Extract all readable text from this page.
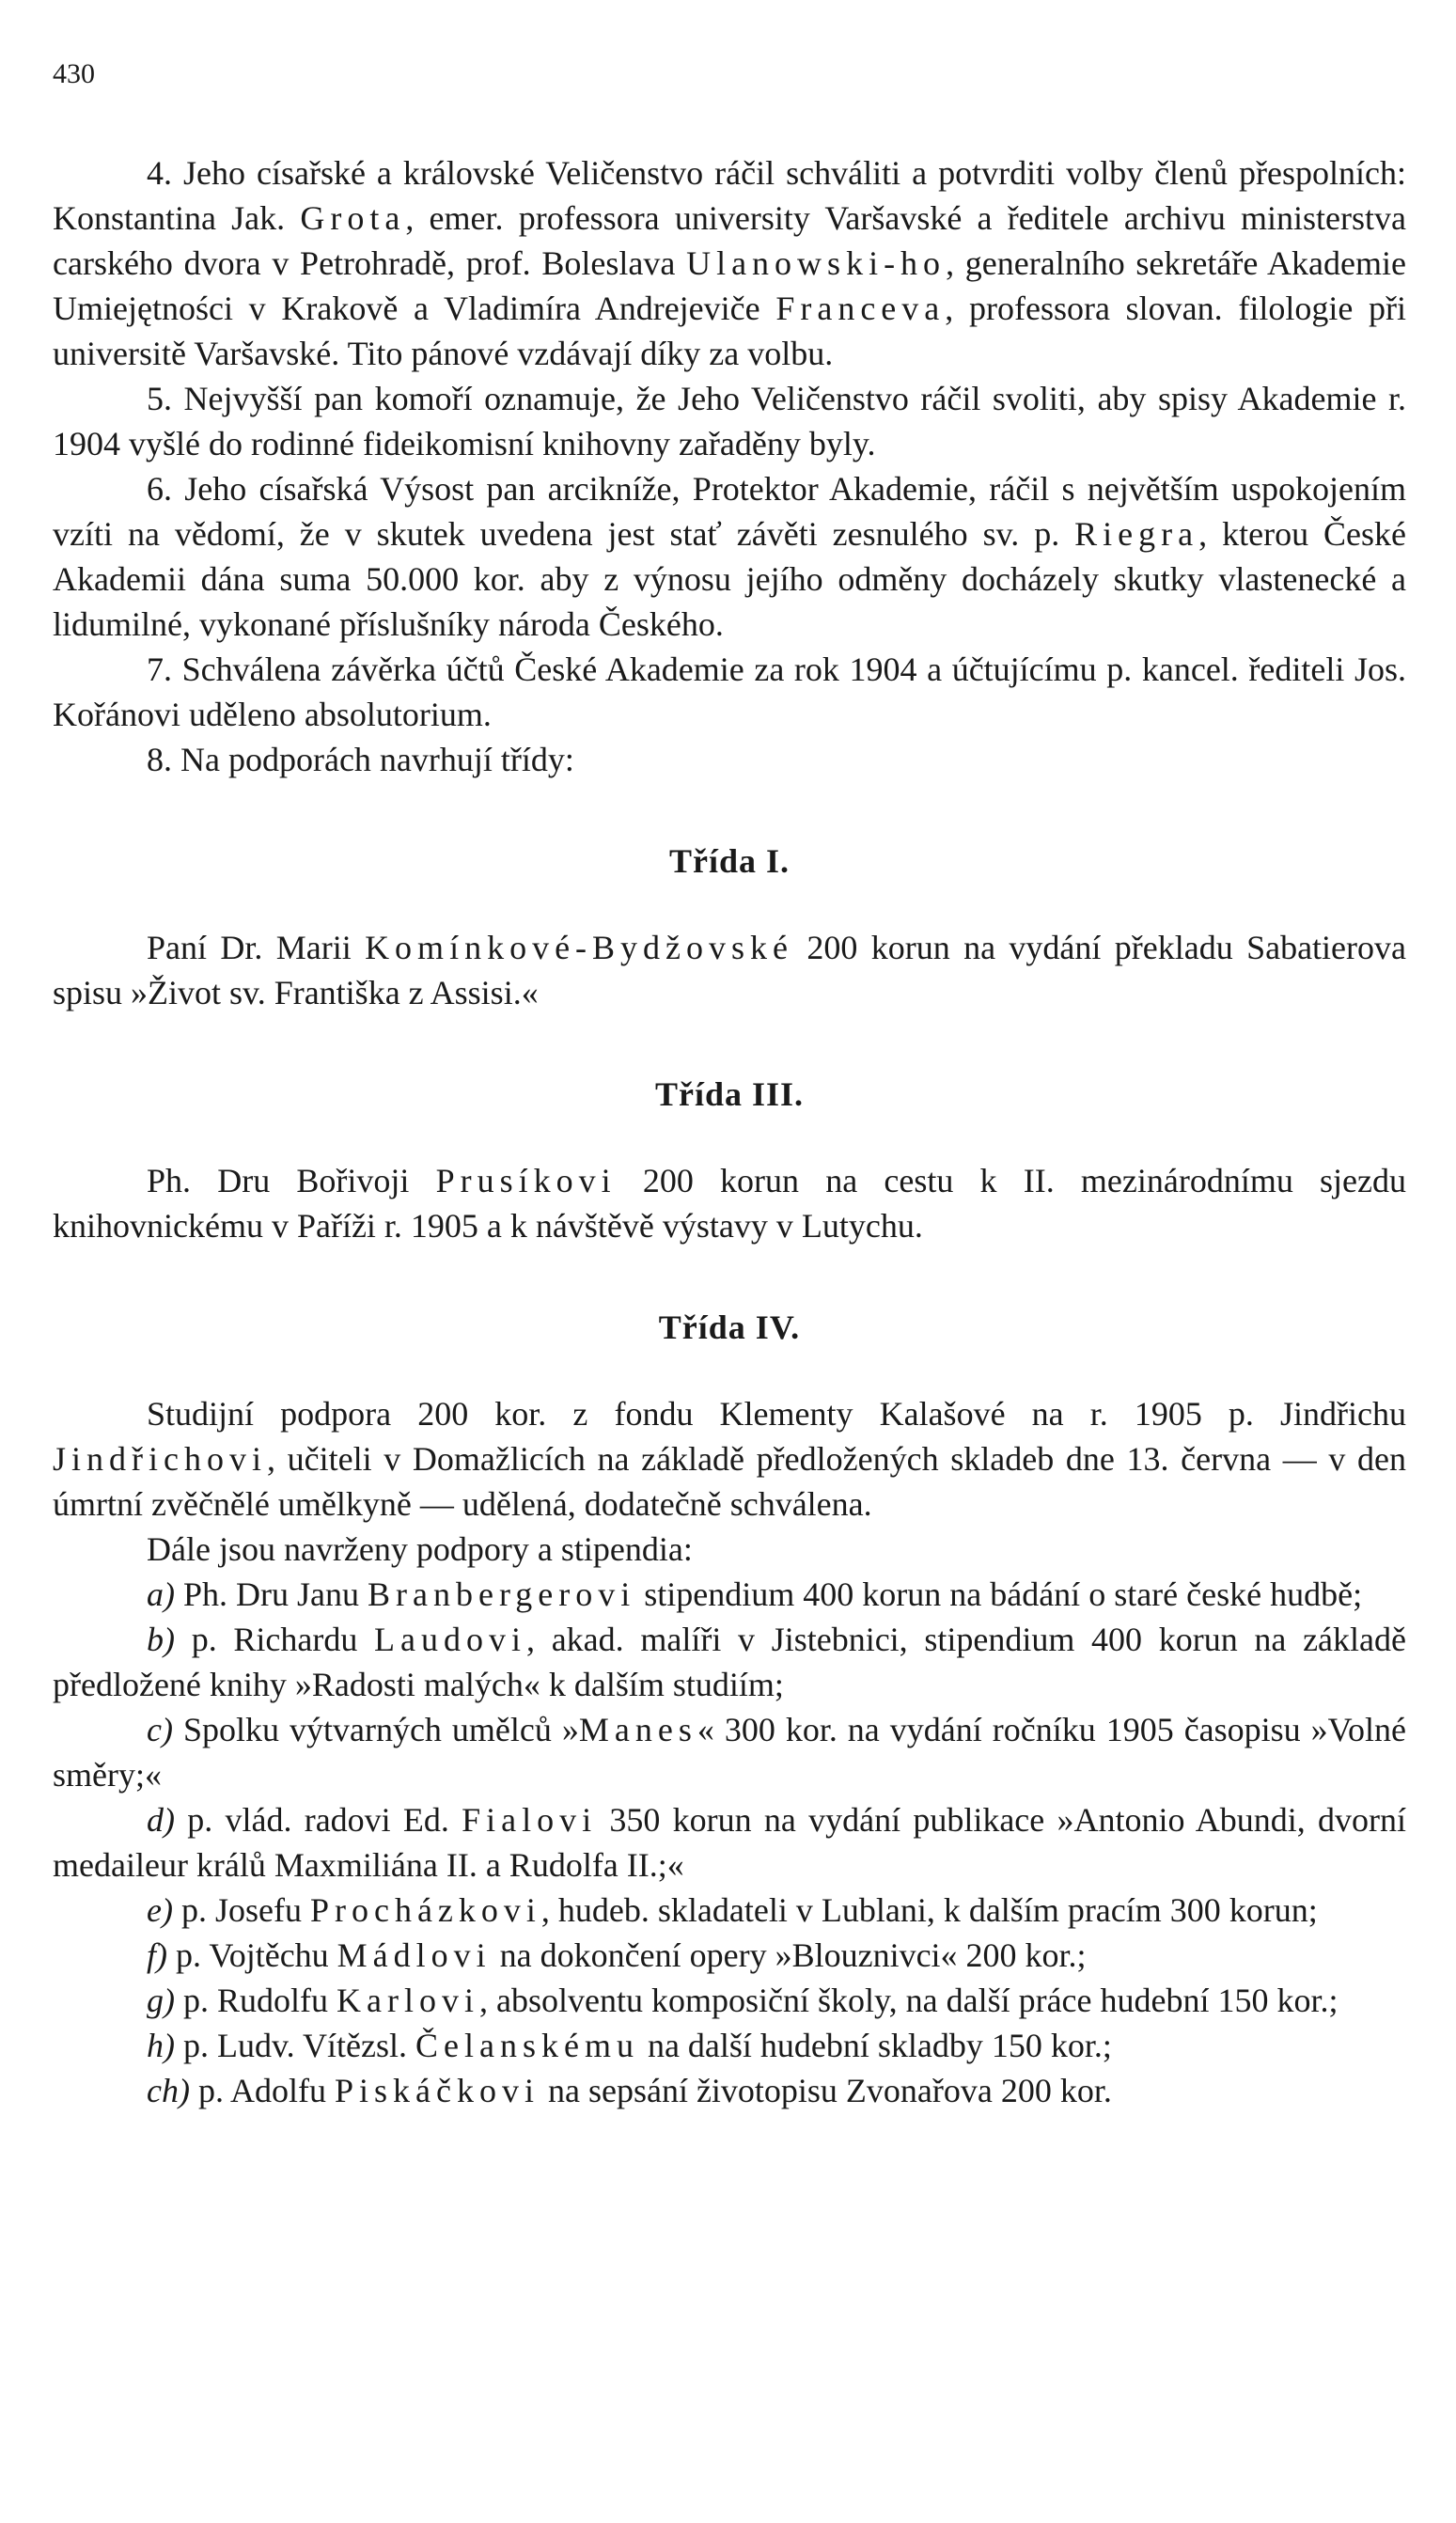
430

4. Jeho císařské a královské Veličenstvo ráčil schváliti a potvrditi volby členů přespolních: Konstantina Jak. Grota, emer. professora university Varšavské a ředitele archivu ministerstva carského dvora v Petrohradě, prof. Boleslava Ulanowski-ho, generalního sekretáře Akademie Umiejętności v Krakově a Vladimíra Andrejeviče Franceva, professora slovan. filologie při universitě Varšavské. Tito pánové vzdávají díky za volbu.

5. Nejvyšší pan komoří oznamuje, že Jeho Veličenstvo ráčil svoliti, aby spisy Akademie r. 1904 vyšlé do rodinné fideikomisní knihovny zařaděny byly.

6. Jeho císařská Výsost pan arcikníže, Protektor Akademie, ráčil s největším uspokojením vzíti na vědomí, že v skutek uvedena jest stať závěti zesnulého sv. p. Riegra, kterou České Akademii dána suma 50.000 kor. aby z výnosu jejího odměny docházely skutky vlastenecké a lidumilné, vykonané příslušníky národa Českého.

7. Schválena závěrka účtů České Akademie za rok 1904 a účtujícímu p. kancel. řediteli Jos. Kořánovi uděleno absolutorium.

8. Na podporách navrhují třídy:

Třída I.

Paní Dr. Marii Komínkové-Bydžovské 200 korun na vydání překladu Sabatierova spisu »Život sv. Františka z Assisi.«

Třída III.

Ph. Dru Bořivoji Prusíkovi 200 korun na cestu k II. mezinárodnímu sjezdu knihovnickému v Paříži r. 1905 a k návštěvě výstavy v Lutychu.

Třída IV.

Studijní podpora 200 kor. z fondu Klementy Kalašové na r. 1905 p. Jindřichu Jindřichovi, učiteli v Domažlicích na základě předložených skladeb dne 13. června — v den úmrtní zvěčnělé umělkyně — udělená, dodatečně schválena.

Dále jsou navrženy podpory a stipendia:

a) Ph. Dru Janu Branbergerovi stipendium 400 korun na bádání o staré české hudbě;

b) p. Richardu Laudovi, akad. malíři v Jistebnici, stipendium 400 korun na základě předložené knihy »Radosti malých« k dalším studiím;

c) Spolku výtvarných umělců »Manes« 300 kor. na vydání ročníku 1905 časopisu »Volné směry;«

d) p. vlád. radovi Ed. Fialovi 350 korun na vydání publikace »Antonio Abundi, dvorní medaileur králů Maxmiliána II. a Rudolfa II.;«

e) p. Josefu Procházkovi, hudeb. skladateli v Lublani, k dalším pracím 300 korun;

f) p. Vojtěchu Mádlovi na dokončení opery »Blouznivci« 200 kor.;

g) p. Rudolfu Karlovi, absolventu komposiční školy, na další práce hudební 150 kor.;

h) p. Ludv. Vítězsl. Čelanskému na další hudební skladby 150 kor.;

ch) p. Adolfu Piskáčkovi na sepsání životopisu Zvonařova 200 kor.
